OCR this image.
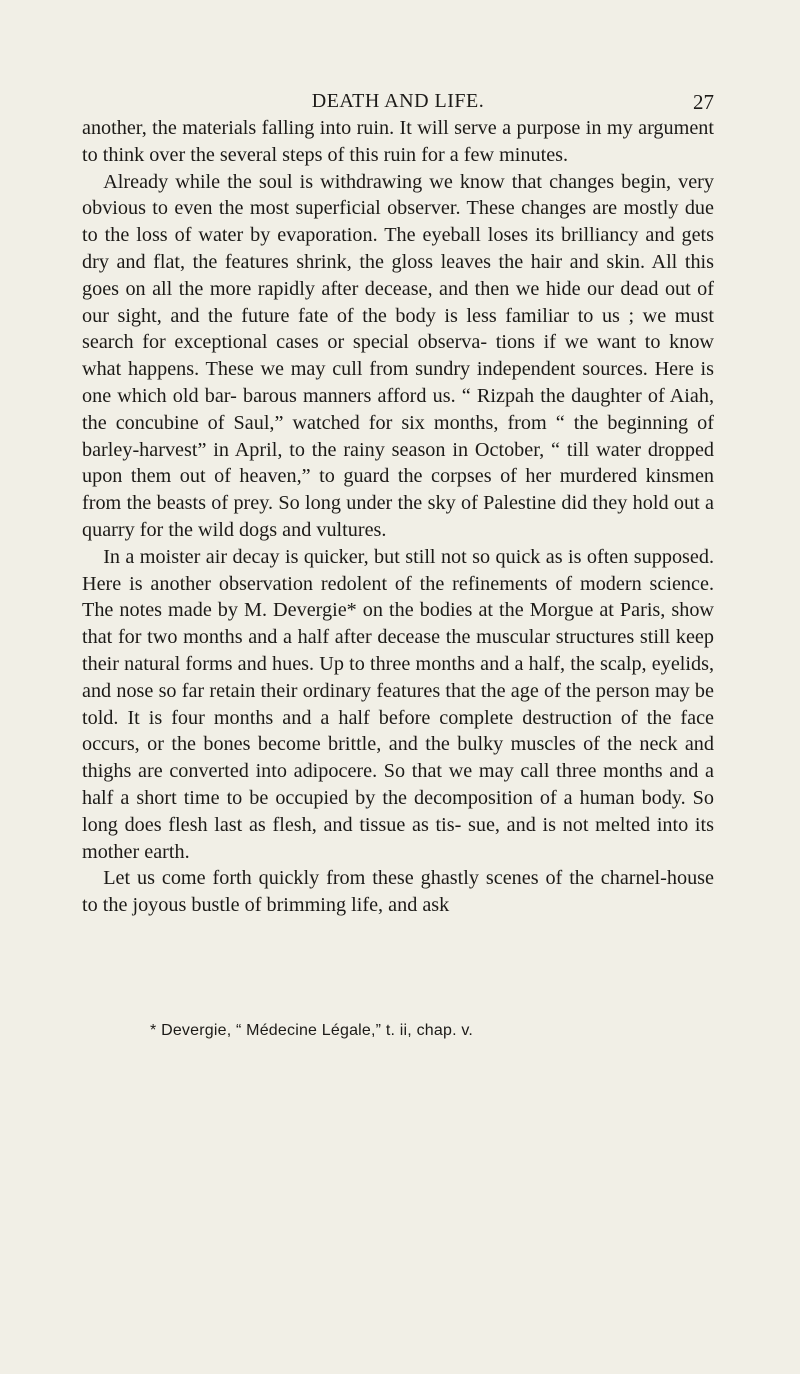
DEATH AND LIFE.	27

another, the materials falling into ruin. It will serve a purpose in my argument to think over the several steps of this ruin for a few minutes.

Already while the soul is withdrawing we know that changes begin, very obvious to even the most superficial observer. These changes are mostly due to the loss of water by evaporation. The eyeball loses its brilliancy and gets dry and flat, the features shrink, the gloss leaves the hair and skin. All this goes on all the more rapidly after decease, and then we hide our dead out of our sight, and the future fate of the body is less familiar to us ; we must search for exceptional cases or special observa- tions if we want to know what happens. These we may cull from sundry independent sources. Here is one which old bar- barous manners afford us. “ Rizpah the daughter of Aiah, the concubine of Saul,” watched for six months, from “ the beginning of barley-harvest” in April, to the rainy season in October, “ till water dropped upon them out of heaven,” to guard the corpses of her murdered kinsmen from the beasts of prey. So long under the sky of Palestine did they hold out a quarry for the wild dogs and vultures.

In a moister air decay is quicker, but still not so quick as is often supposed. Here is another observation redolent of the refinements of modern science. The notes made by M. Devergie* on the bodies at the Morgue at Paris, show that for two months and a half after decease the muscular structures still keep their natural forms and hues. Up to three months and a half, the scalp, eyelids, and nose so far retain their ordinary features that the age of the person may be told. It is four months and a half before complete destruction of the face occurs, or the bones become brittle, and the bulky muscles of the neck and thighs are converted into adipocere. So that we may call three months and a half a short time to be occupied by the decomposition of a human body. So long does flesh last as flesh, and tissue as tis- sue, and is not melted into its mother earth.

Let us come forth quickly from these ghastly scenes of the charnel-house to the joyous bustle of brimming life, and ask

* Devergie, “ Médecine Légale,” t. ii, chap. v.
